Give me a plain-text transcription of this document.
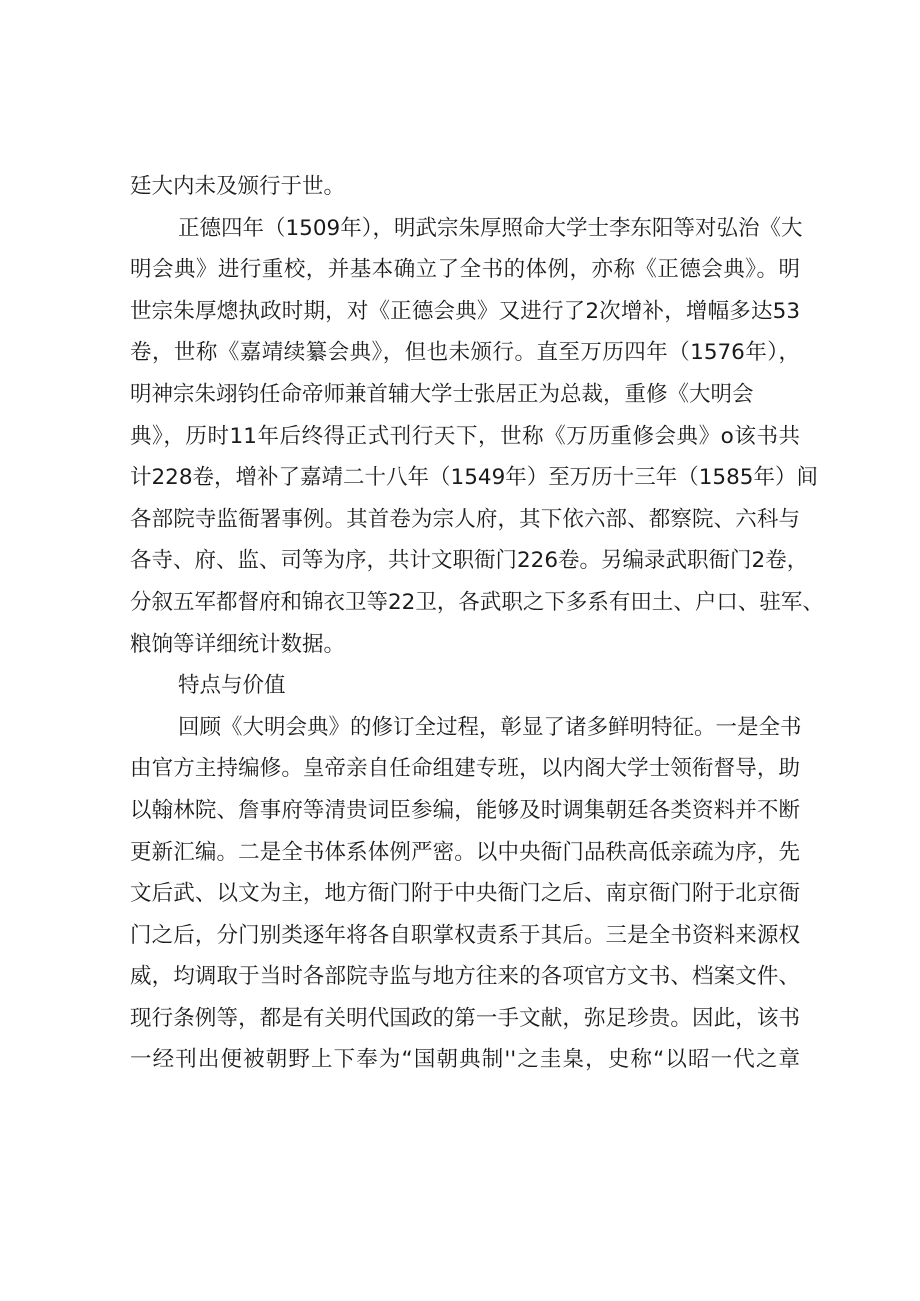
廷大内未及颁行于世。

正德四年（1509年），明武宗朱厚照命大学士李东阳等对弘治《大

明会典》进行重校，并基本确立了全书的体例，亦称《正德会典》。明

世宗朱厚熜执政时期，对《正德会典》又进行了2次增补，增幅多达53

卷，世称《嘉靖续纂会典》，但也未颁行。直至万历四年（1576年），

明神宗朱翊钧任命帝师兼首辅大学士张居正为总裁，重修《大明会

典》，历时11年后终得正式刊行天下，世称《万历重修会典》o该书共

计228卷，增补了嘉靖二十八年（1549年）至万历十三年（1585年）间

各部院寺监衙署事例。其首卷为宗人府，其下依六部、都察院、六科与

各寺、府、监、司等为序，共计文职衙门226卷。另编录武职衙门2卷，

分叙五军都督府和锦衣卫等22卫，各武职之下多系有田土、户口、驻军、

粮饷等详细统计数据。

特点与价值

回顾《大明会典》的修订全过程，彰显了诸多鲜明特征。一是全书

由官方主持编修。皇帝亲自任命组建专班，以内阁大学士领衔督导，助

以翰林院、詹事府等清贵词臣参编，能够及时调集朝廷各类资料并不断

更新汇编。二是全书体系体例严密。以中央衙门品秩高低亲疏为序，先

文后武、以文为主，地方衙门附于中央衙门之后、南京衙门附于北京衙

门之后，分门别类逐年将各自职掌权责系于其后。三是全书资料来源权

威，均调取于当时各部院寺监与地方往来的各项官方文书、档案文件、

现行条例等，都是有关明代国政的第一手文献，弥足珍贵。因此，该书

一经刊出便被朝野上下奉为“国朝典制''之圭臬，史称“以昭一代之章
